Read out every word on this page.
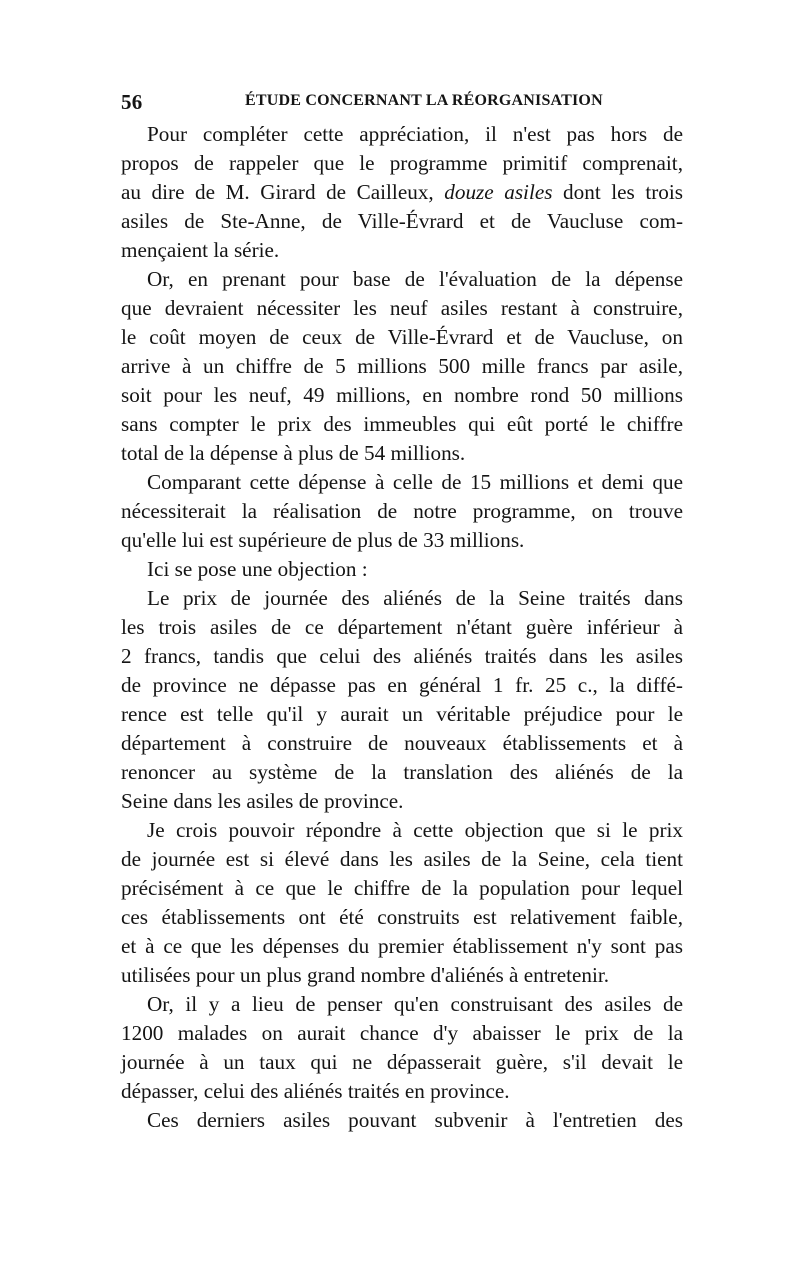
56	ÉTUDE CONCERNANT LA RÉORGANISATION

Pour compléter cette appréciation, il n'est pas hors de
propos de rappeler que le programme primitif comprenait,
au dire de M. Girard de Cailleux, douze asiles dont les trois
asiles de Ste-Anne, de Ville-Évrard et de Vaucluse com-
mençaient la série.

Or, en prenant pour base de l'évaluation de la dépense
que devraient nécessiter les neuf asiles restant à construire,
le coût moyen de ceux de Ville-Évrard et de Vaucluse, on
arrive à un chiffre de 5 millions 500 mille francs par asile,
soit pour les neuf, 49 millions, en nombre rond 50 millions
sans compter le prix des immeubles qui eût porté le chiffre
total de la dépense à plus de 54 millions.

Comparant cette dépense à celle de 15 millions et demi que
nécessiterait la réalisation de notre programme, on trouve
qu'elle lui est supérieure de plus de 33 millions.

Ici se pose une objection :

Le prix de journée des aliénés de la Seine traités dans
les trois asiles de ce département n'étant guère inférieur à
2 francs, tandis que celui des aliénés traités dans les asiles
de province ne dépasse pas en général 1 fr. 25 c., la diffé-
rence est telle qu'il y aurait un véritable préjudice pour le
département à construire de nouveaux établissements et à
renoncer au système de la translation des aliénés de la
Seine dans les asiles de province.

Je crois pouvoir répondre à cette objection que si le prix
de journée est si élevé dans les asiles de la Seine, cela tient
précisément à ce que le chiffre de la population pour lequel
ces établissements ont été construits est relativement faible,
et à ce que les dépenses du premier établissement n'y sont pas
utilisées pour un plus grand nombre d'aliénés à entretenir.

Or, il y a lieu de penser qu'en construisant des asiles de
1200 malades on aurait chance d'y abaisser le prix de la
journée à un taux qui ne dépasserait guère, s'il devait le
dépasser, celui des aliénés traités en province.

Ces derniers asiles pouvant subvenir à l'entretien des
